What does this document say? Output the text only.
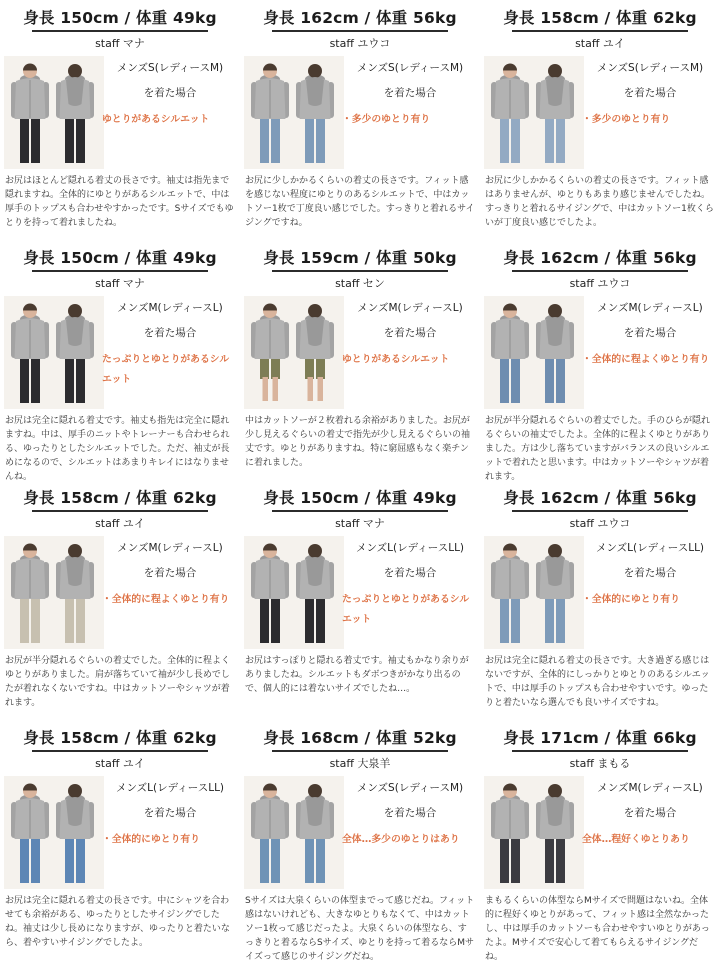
身長 150cm / 体重 49kg
staff マナ
メンズS(レディースM)
を着た場合
ゆとりがあるシルエット
お尻はほとんど隠れる着丈の長さです。袖丈は指先まで隠れますね。全体的にゆとりがあるシルエットで、中は厚手のトップスも合わせやすかったです。Sサイズでもゆとりを持って着れましたね。
身長 162cm / 体重 56kg
staff ユウコ
メンズS(レディースM)
を着た場合
・多少のゆとり有り
お尻に少しかかるくらいの着丈の長さです。フィット感を感じない程度にゆとりのあるシルエットで、中はカットソー1枚で丁度良い感じでした。すっきりと着れるサイジングですね。
身長 158cm / 体重 62kg
staff ユイ
メンズS(レディースM)
を着た場合
・多少のゆとり有り
お尻に少しかかるくらいの着丈の長さです。フィット感はありませんが、ゆとりもあまり感じませんでしたね。すっきりと着れるサイジングで、中はカットソー1枚くらいが丁度良い感じでしたよ。
身長 150cm / 体重 49kg
staff マナ
メンズM(レディースL)
を着た場合
たっぷりとゆとりがあるシルエット
お尻は完全に隠れる着丈です。袖丈も指先は完全に隠れますね。中は、厚手のニットやトレーナーも合わせられる、ゆったりとしたシルエットでした。ただ、袖丈が長めになるので、シルエットはあまりキレイにはなりませんね。
身長 159cm / 体重 50kg
staff セン
メンズM(レディースL)
を着た場合
ゆとりがあるシルエット
中はカットソーが２枚着れる余裕がありました。お尻が少し見えるぐらいの着丈で指先が少し見えるぐらいの袖丈です。ゆとりがありますね。特に窮屈感もなく楽チンに着れました。
身長 162cm / 体重 56kg
staff ユウコ
メンズM(レディースL)
を着た場合
・全体的に程よくゆとり有り
お尻が半分隠れるぐらいの着丈でした。手のひらが隠れるぐらいの袖丈でしたよ。全体的に程よくゆとりがありました。方は少し落ちていますがバランスの良いシルエットで着れたと思います。中はカットソーやシャツが着れます。
身長 158cm / 体重 62kg
staff ユイ
メンズM(レディースL)
を着た場合
・全体的に程よくゆとり有り
お尻が半分隠れるぐらいの着丈でした。全体的に程よくゆとりがありました。肩が落ちていて袖が少し長めでしたが着れなくないですね。中はカットソーやシャツが着れます。
身長 150cm / 体重 49kg
staff マナ
メンズL(レディースLL)
を着た場合
たっぷりとゆとりがあるシルエット
お尻はすっぽりと隠れる着丈です。袖丈もかなり余りがありましたね。シルエットもダボつきがかなり出るので、個人的には着ないサイズでしたね…。
身長 162cm / 体重 56kg
staff ユウコ
メンズL(レディースLL)
を着た場合
・全体的にゆとり有り
お尻は完全に隠れる着丈の長さです。大き過ぎる感じはないですが、全体的にしっかりとゆとりのあるシルエットで、中は厚手のトップスも合わせやすいです。ゆったりと着たいなら選んでも良いサイズですね。
身長 158cm / 体重 62kg
staff ユイ
メンズL(レディースLL)
を着た場合
・全体的にゆとり有り
お尻は完全に隠れる着丈の長さです。中にシャツを合わせても余裕がある、ゆったりとしたサイジングでしたね。袖丈は少し長めになりますが、ゆったりと着たいなら、着やすいサイジングでしたよ。
身長 168cm / 体重 52kg
staff 大泉羊
メンズS(レディースM)
を着た場合
全体…多少のゆとりはあり
Sサイズは大泉くらいの体型までって感じだね。フィット感はないけれども、大きなゆとりもなくて、中はカットソー1枚って感じだったよ。大泉くらいの体型なら、すっきりと着るならSサイズ、ゆとりを持って着るならMサイズって感じのサイジングだね。
身長 171cm / 体重 66kg
staff まもる
メンズM(レディースL)
を着た場合
全体…程好くゆとりあり
まもるくらいの体型ならMサイズで問題はないね。全体的に程好くゆとりがあって、フィット感は全然なかったし、中は厚手のカットソーも合わせやすいゆとりがあったよ。Mサイズで安心して着てもらえるサイジングだね。
